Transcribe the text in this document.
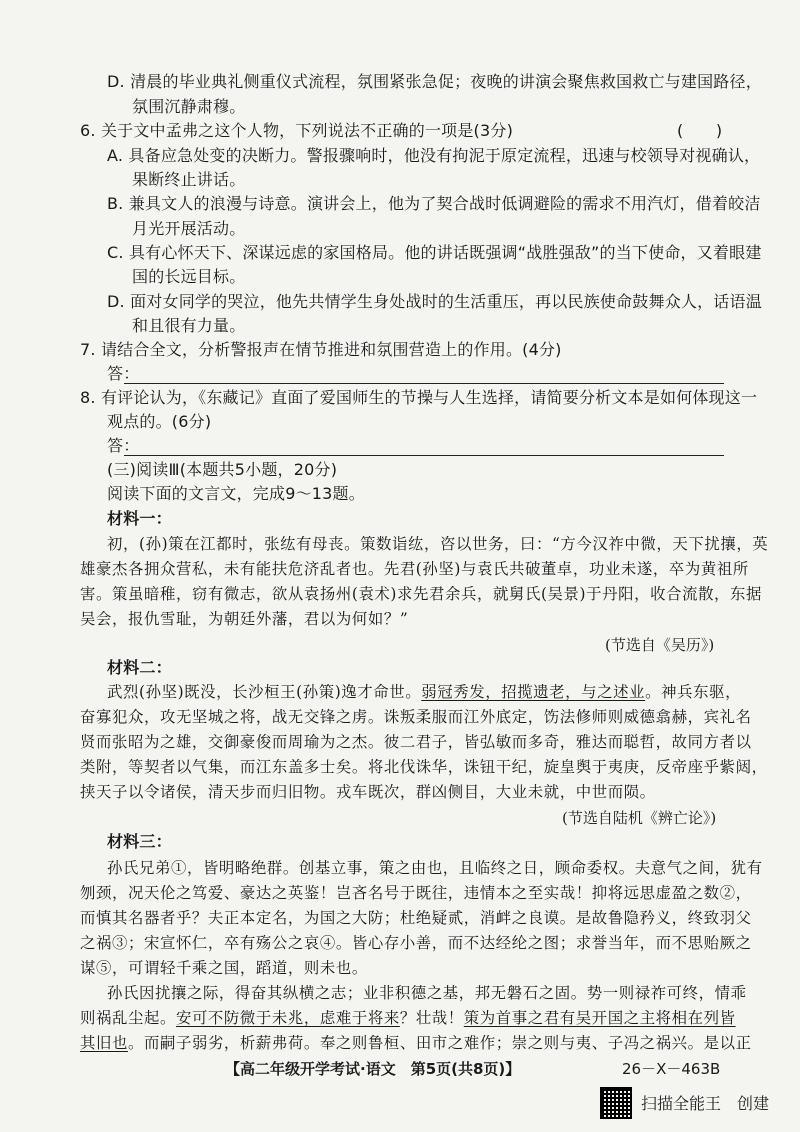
D. 清晨的毕业典礼侧重仪式流程，氛围紧张急促；夜晚的讲演会聚焦救国救亡与建国路径，
氛围沉静肃穆。
6. 关于文中孟弗之这个人物，下列说法不正确的一项是(3分)	(　　)
A. 具备应急处变的决断力。警报骤响时，他没有拘泥于原定流程，迅速与校领导对视确认，
果断终止讲话。
B. 兼具文人的浪漫与诗意。演讲会上，他为了契合战时低调避险的需求不用汽灯，借着皎洁
月光开展活动。
C. 具有心怀天下、深谋远虑的家国格局。他的讲话既强调“战胜强敌”的当下使命，又着眼建
国的长远目标。
D. 面对女同学的哭泣，他先共情学生身处战时的生活重压，再以民族使命鼓舞众人，话语温
和且很有力量。
7. 请结合全文，分析警报声在情节推进和氛围营造上的作用。(4分)
答：
8. 有评论认为，《东藏记》直面了爱国师生的节操与人生选择，请简要分析文本是如何体现这一
观点的。(6分)
答：
(三)阅读Ⅲ(本题共5小题，20分)
阅读下面的文言文，完成9～13题。
材料一：
初，(孙)策在江都时，张纮有母丧。策数诣纮，咨以世务，曰：“方今汉祚中微，天下扰攘，英
雄豪杰各拥众营私，未有能扶危济乱者也。先君(孙坚)与袁氏共破董卓，功业未遂，卒为黄祖所
害。策虽暗稚，窃有微志，欲从袁扬州(袁术)求先君余兵，就舅氏(吴景)于丹阳，收合流散，东据
吴会，报仇雪耻，为朝廷外藩，君以为何如？”
(节选自《吴历》)
材料二：
武烈(孙坚)既没，长沙桓王(孙策)逸才命世。弱冠秀发，招揽遗老，与之述业。神兵东驱，
奋寡犯众，攻无坚城之将，战无交锋之虏。诛叛柔服而江外底定，饬法修师则威德翕赫，宾礼名
贤而张昭为之雄，交御豪俊而周瑜为之杰。彼二君子，皆弘敏而多奇，雅达而聪哲，故同方者以
类附，等契者以气集，而江东盖多士矣。将北伐诛华，诛钮干纪，旋皇舆于夷庚，反帝座乎紫闼，
挟天子以令诸侯，清天步而归旧物。戎车既次，群凶侧目，大业未就，中世而陨。
(节选自陆机《辨亡论》)
材料三：
孙氏兄弟①，皆明略绝群。创基立事，策之由也，且临终之日，顾命委权。夫意气之间，犹有
刎颈，况天伦之笃爱、豪达之英鉴！岂吝名号于既往，违情本之至实哉！抑将远思虚盈之数②，
而慎其名器者乎？夫正本定名，为国之大防；杜绝疑贰，消衅之良谟。是故鲁隐矜义，终致羽父
之祸③；宋宣怀仁，卒有殇公之哀④。皆心存小善，而不达经纶之图；求誉当年，而不思贻厥之
谋⑤，可谓轻千乘之国，蹈道，则未也。
孙氏因扰攘之际，得奋其纵横之志；业非积德之基，邦无磐石之固。势一则禄祚可终，情乖
则祸乱尘起。安可不防微于未兆，虑难于将来？壮哉！策为首事之君有吴开国之主将相在列皆
其旧也。而嗣子弱劣，析薪弗荷。奉之则鲁桓、田市之难作；崇之则与夷、子冯之祸兴。是以正
【高二年级开学考试·语文　第5页(共8页)】	26－X－463B
扫描全能王　创建
